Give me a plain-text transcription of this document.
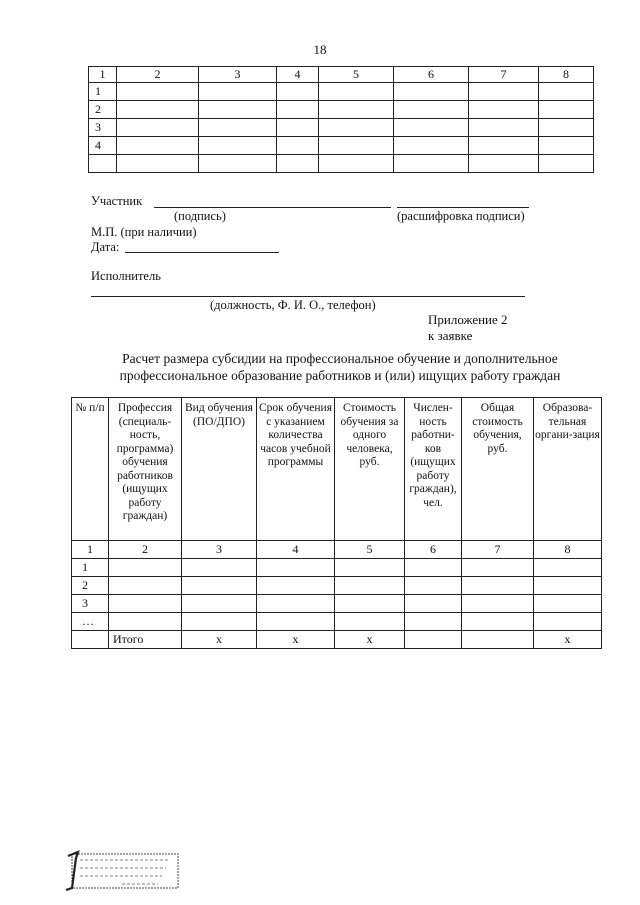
18
1	2	3	4	5	6	7	8
1							
2							
3							
4							

Участник
(подпись)	(расшифровка подписи)
М.П. (при наличии)
Дата:
Исполнитель
(должность, Ф. И. О., телефон)
Приложение 2
к заявке
Расчет размера субсидии на профессиональное обучение и дополнительное
профессиональное образование работников и (или) ищущих работу граждан
№ п/п	Профессия (специаль-ность, программа) обучения работников (ищущих работу граждан)	Вид обучения (ПО/ДПО)	Срок обучения с указанием количества часов учебной программы	Стоимость обучения за одного человека, руб.	Числен-ность работни-ков (ищущих работу граждан), чел.	Общая стоимость обучения, руб.	Образова-тельная органи-зация
1	2	3	4	5	6	7	8
1							
2							
3							
…							
	Итого	х	х	х			х
